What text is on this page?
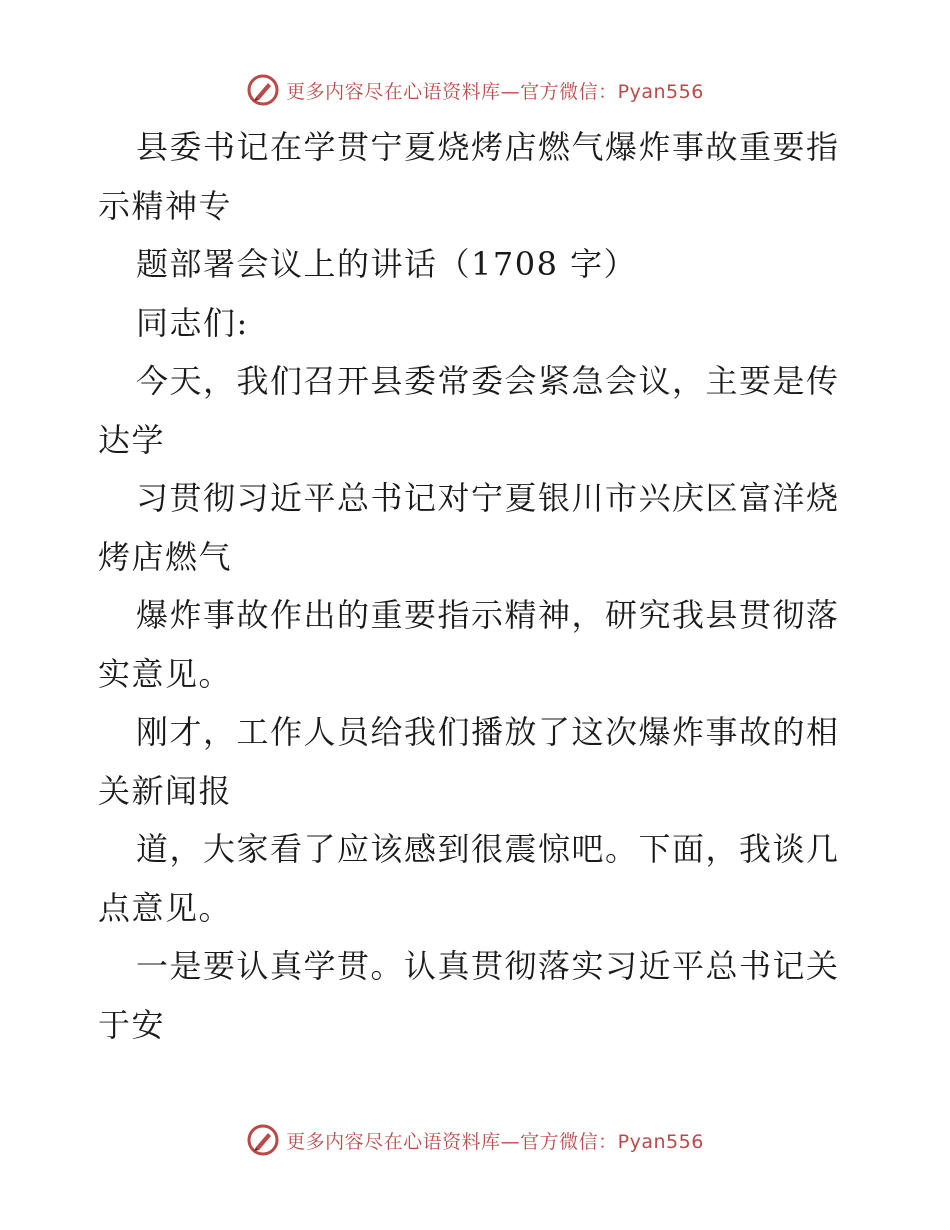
更多内容尽在心语资料库—官方微信：Pyan556

县委书记在学贯宁夏烧烤店燃气爆炸事故重要指示精神专

题部署会议上的讲话（1708 字）

同志们:

今天，我们召开县委常委会紧急会议，主要是传达学

习贯彻习近平总书记对宁夏银川市兴庆区富洋烧烤店燃气

爆炸事故作出的重要指示精神，研究我县贯彻落实意见。

刚才，工作人员给我们播放了这次爆炸事故的相关新闻报

道，大家看了应该感到很震惊吧。下面，我谈几点意见。

一是要认真学贯。认真贯彻落实习近平总书记关于安

更多内容尽在心语资料库—官方微信：Pyan556
